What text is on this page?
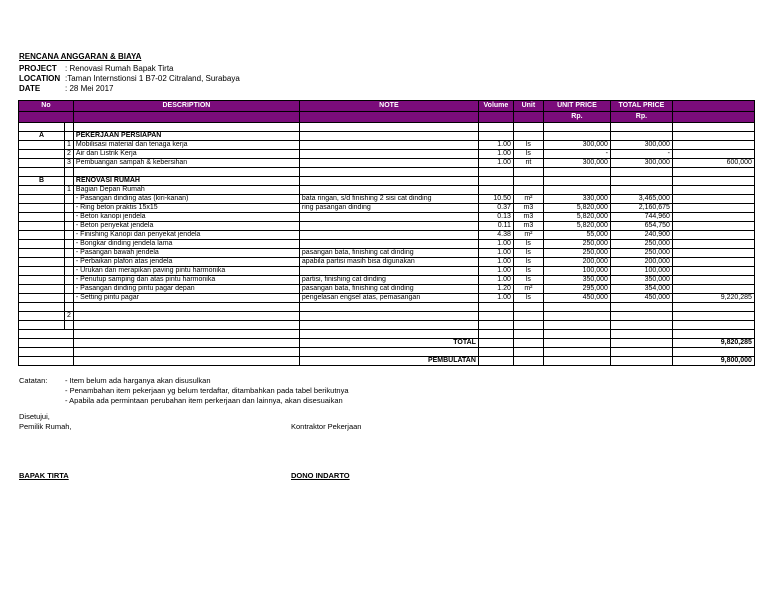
RENCANA ANGGARAN & BIAYA
PROJECT	: Renovasi Rumah Bapak Tirta
LOCATION :Taman Internstionsi 1 B7-02 Citraland, Surabaya
DATE	: 28 Mei 2017
No		DESCRIPTION	NOTE	Volume	Unit	UNIT PRICE	TOTAL PRICE	
						Rp.	Rp.	

A		PEKERJAAN PERSIAPAN						
	1	Mobilisasi material dan tenaga kerja		1.00	ls	300,000	300,000	
	2	Air dan Listrik Kerja		1.00	ls	-	-	
	3	Pembuangan sampah & kebersihan		1.00	rit	300,000	300,000	600,000

B		RENOVASI RUMAH						
	1	Bagian Depan Rumah						
		- Pasangan dinding atas (kiri-kanan)	bata ringan, s/d finishing 2 sisi cat dinding	10.50	m²	330,000	3,465,000	
		- Ring beton praktis 15x15	ring pasangan dinding	0.37	m3	5,820,000	2,160,675	
		- Beton kanopi jendela		0.13	m3	5,820,000	744,960	
		- Beton penyekat jendela		0.11	m3	5,820,000	654,750	
		- Finishing Kanopi dan penyekat jendela		4.38	m²	55,000	240,900	
		- Bongkar dinding jendela lama		1.00	ls	250,000	250,000	
		- Pasangan bawah jendela	pasangan bata, finishing cat dinding	1.00	ls	250,000	250,000	
		- Perbaikan plafon atas jendela	apabila partisi masih bisa digunakan	1.00	ls	200,000	200,000	
		- Urukan dan merapikan paving pintu harmonika		1.00	ls	100,000	100,000	
		- Penutup samping dan atas pintu harmonika	partisi, finishing cat dinding	1.00	ls	350,000	350,000	
		- Pasangan dinding pintu pagar depan	pasangan bata, finishing cat dinding	1.20	m²	295,000	354,000	
		- Setting pintu pagar	pengelasan engsel atas, pemasangan	1.00	ls	450,000	450,000	9,220,285

	2							

			TOTAL					9,820,285

			PEMBULATAN					9,800,000
Catatan:	- Item belum ada harganya akan disusulkan
- Penambahan item pekerjaan yg belum terdaftar, ditambahkan pada tabel berikutnya
- Apabila ada permintaan perubahan item perkerjaan dan lainnya, akan disesuaikan
Disetujui,
Pemilik Rumah,	Kontraktor Pekerjaan
BAPAK TIRTA	DONO INDARTO
